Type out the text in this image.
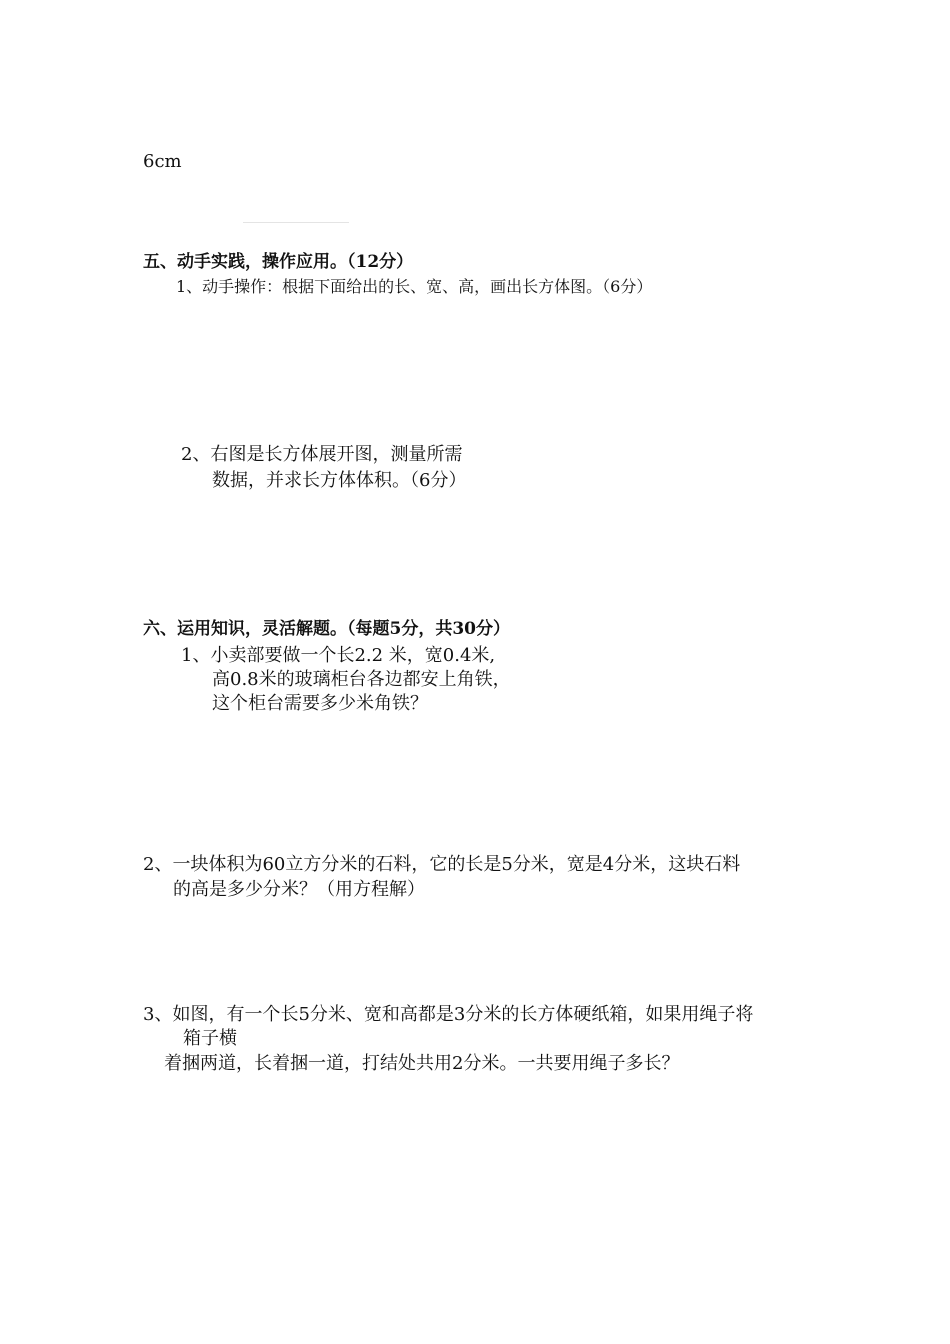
6cm
五、动手实践，操作应用。（12分）
1、动手操作：根据下面给出的长、宽、高，画出长方体图。（6分）
2、右图是长方体展开图，测量所需
数据，并求长方体体积。（6分）
六、运用知识，灵活解题。（每题5分，共30分）
1、小卖部要做一个长2.2 米，宽0.4米,
高0.8米的玻璃柜台各边都安上角铁，
这个柜台需要多少米角铁？
2、一块体积为60立方分米的石料，它的长是5分米，宽是4分米，这块石料
的高是多少分米？（用方程解）
3、如图，有一个长5分米、宽和高都是3分米的长方体硬纸箱，如果用绳子将
箱子横
着捆两道，长着捆一道，打结处共用2分米。一共要用绳子多长？
